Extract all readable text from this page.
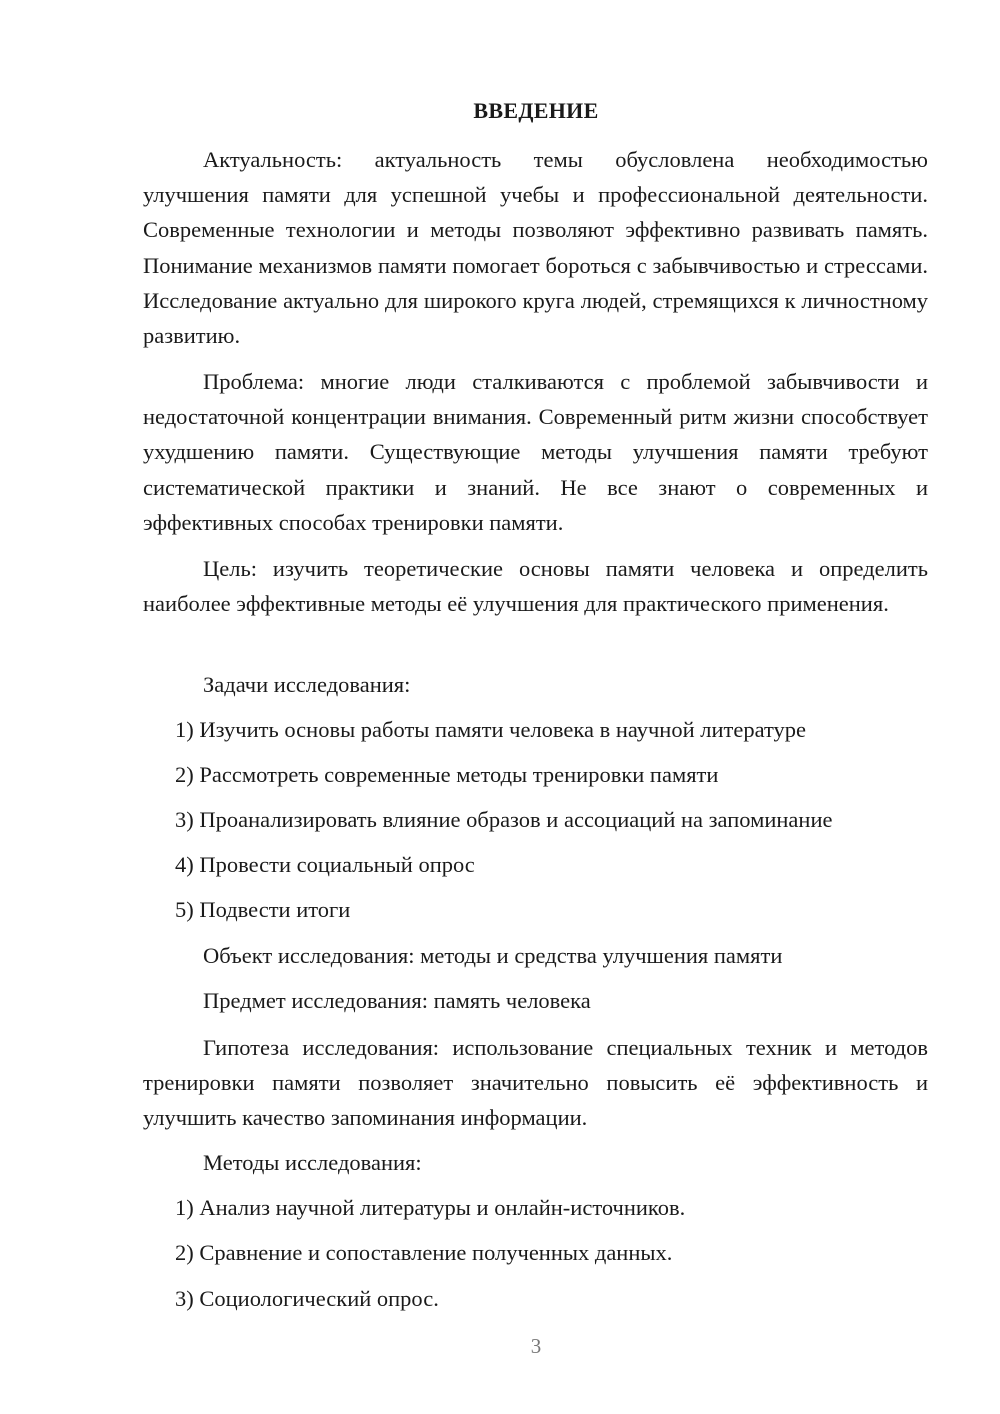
ВВЕДЕНИЕ

Актуальность: актуальность темы обусловлена необходимостью улучшения памяти для успешной учебы и профессиональной деятельности. Современные технологии и методы позволяют эффективно развивать память. Понимание механизмов памяти помогает бороться с забывчивостью и стрессами. Исследование актуально для широкого круга людей, стремящихся к личностному развитию.

Проблема: многие люди сталкиваются с проблемой забывчивости и недостаточной концентрации внимания. Современный ритм жизни способствует ухудшению памяти. Существующие методы улучшения памяти требуют систематической практики и знаний. Не все знают о современных и эффективных способах тренировки памяти.

Цель: изучить теоретические основы памяти человека и определить наиболее эффективные методы её улучшения для практического применения.

Задачи исследования:

1) Изучить основы работы памяти человека в научной литературе

2) Рассмотреть современные методы тренировки памяти

3) Проанализировать влияние образов и ассоциаций на запоминание

4) Провести социальный опрос

5) Подвести итоги

Объект исследования: методы и средства улучшения памяти

Предмет исследования: память человека

Гипотеза исследования: использование специальных техник и методов тренировки памяти позволяет значительно повысить её эффективность и улучшить качество запоминания информации.

Методы исследования:

1) Анализ научной литературы и онлайн-источников.

2) Сравнение и сопоставление полученных данных.

3) Социологический опрос.

3
